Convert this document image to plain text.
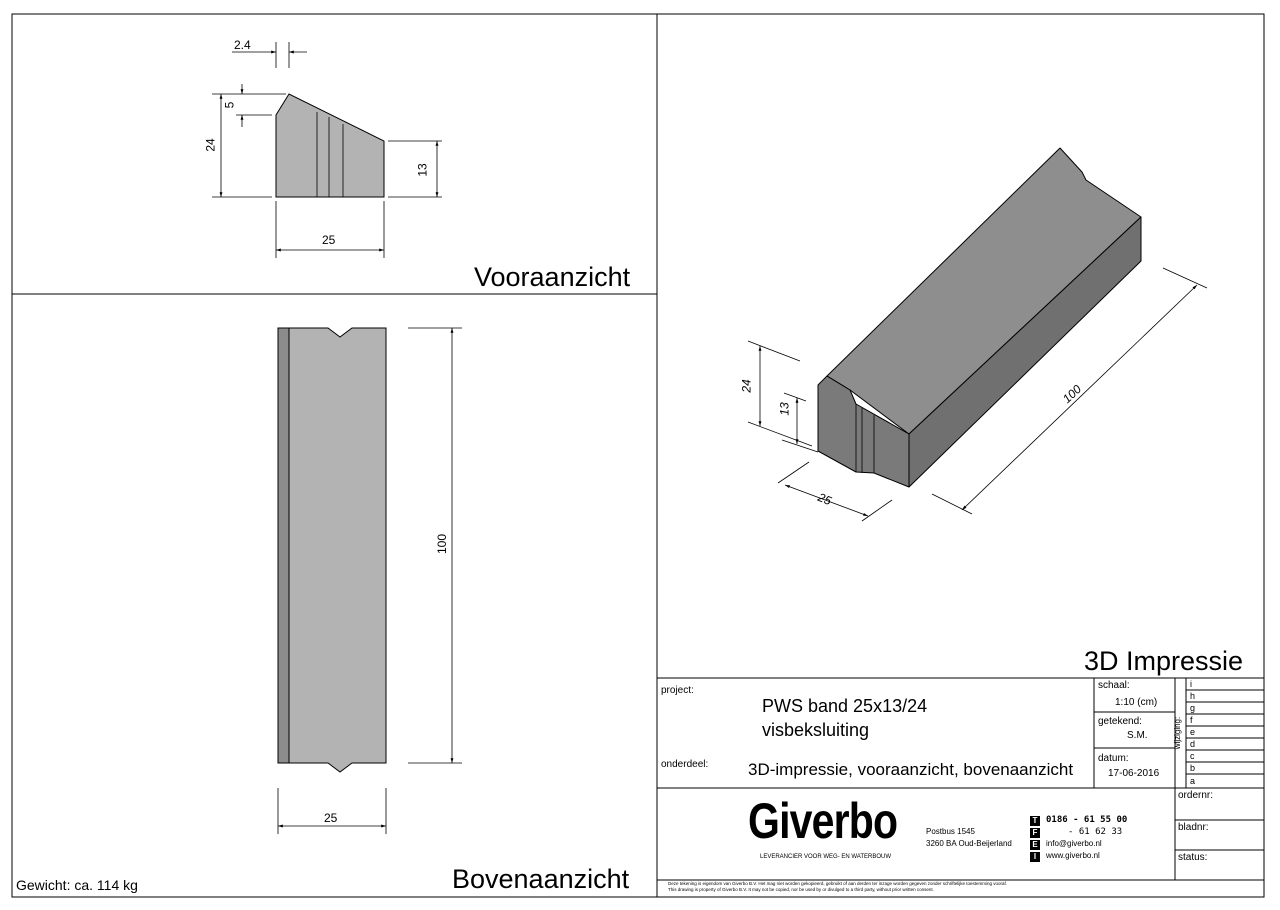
Vooraanzicht
Bovenaanzicht
3D Impressie
2.4
5
24
13
25
100
25
24
13
25
100
Gewicht: ca. 114 kg
project:
PWS band 25x13/24
visbeksluiting
onderdeel: 3D-impressie, vooraanzicht, bovenaanzicht
schaal:
1:10 (cm)
getekend:
S.M.
datum:
17-06-2016
wijziging:
i
h
g
f
e
d
c
b
a
ordernr:
bladnr:
status:
Giverbo
LEVERANCIER VOOR WEG- EN WATERBOUW
Postbus 1545
3260 BA Oud-Beijerland
T 0186 - 61 55 00
F	- 61 62 33
E info@giverbo.nl
I	www.giverbo.nl
Deze tekening is eigendom van Giverbo B.V. Het mag niet worden gekopieerd, gebruikt of aan derden ter inzage worden gegeven zonder schriftelijke toestemming vooraf.
This drawing is property of Giverbo B.V. It may not be copied, nor be used by or divulged to a third party, without prior written consent.
